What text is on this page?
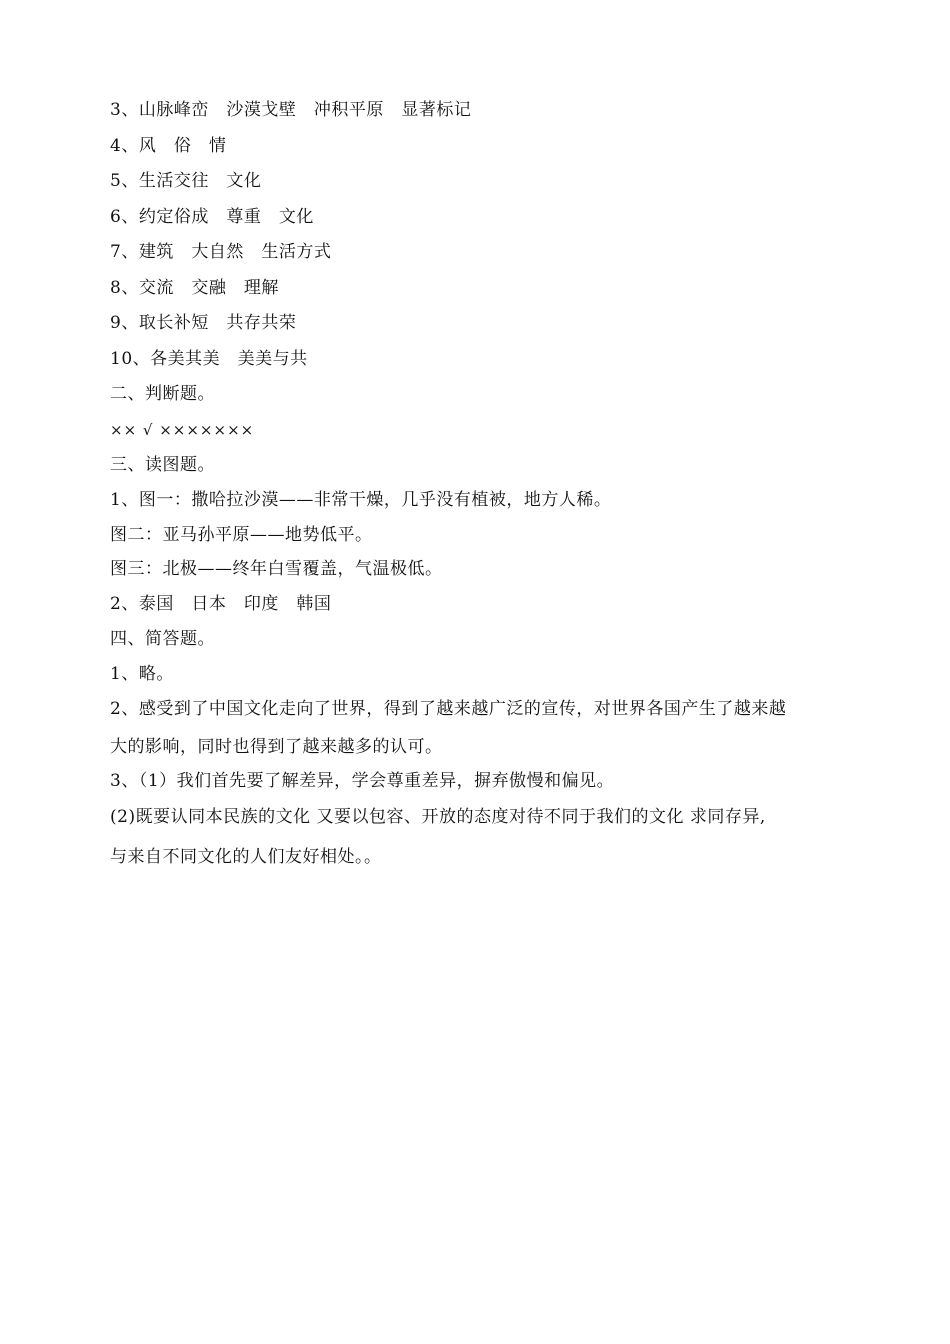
3、山脉峰峦　沙漠戈壁　冲积平原　显著标记
4、风　俗　情
5、生活交往　文化
6、约定俗成　尊重　文化
7、建筑　大自然　生活方式
8、交流　交融　理解
9、取长补短　共存共荣
10、各美其美　美美与共
二、判断题。
×× √ ×××××××
三、读图题。
1、图一：撒哈拉沙漠——非常干燥，几乎没有植被，地方人稀。
图二：亚马孙平原——地势低平。
图三：北极——终年白雪覆盖，气温极低。
2、泰国　日本　印度　韩国
四、简答题。
1、略。
2、感受到了中国文化走向了世界，得到了越来越广泛的宣传，对世界各国产生了越来越
大的影响，同时也得到了越来越多的认可。
3、（1）我们首先要了解差异，学会尊重差异，摒弃傲慢和偏见。
(2)既要认同本民族的文化 又要以包容、开放的态度对待不同于我们的文化 求同存异,
与来自不同文化的人们友好相处。。
